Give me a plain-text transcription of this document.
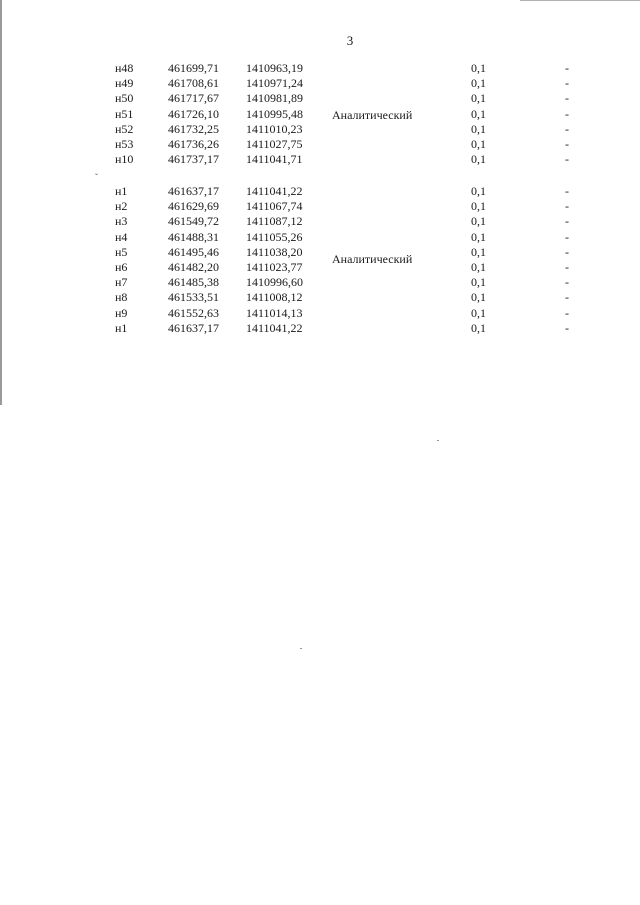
ˇ
3
Аналитический
н48	461699,71 1410963,19	0,1	-
н49	461708,61 1410971,24	0,1	-
н50	461717,67 1410981,89	0,1	-
н51	461726,10 1410995,48	0,1	-
н52	461732,25 1411010,23	0,1	-
н53	461736,26 1411027,75	0,1	-
н10	461737,17 1411041,71	0,1	-
Аналитический
н1	461637,17 1411041,22	0,1	-
н2	461629,69 1411067,74	0,1	-
н3	461549,72 1411087,12	0,1	-
н4	461488,31 1411055,26	0,1	-
н5	461495,46 1411038,20	0,1	-
н6	461482,20 1411023,77	0,1	-
н7	461485,38 1410996,60	0,1	-
н8	461533,51 1411008,12	0,1	-
н9	461552,63 1411014,13	0,1	-
н1	461637,17 1411041,22	0,1	-
